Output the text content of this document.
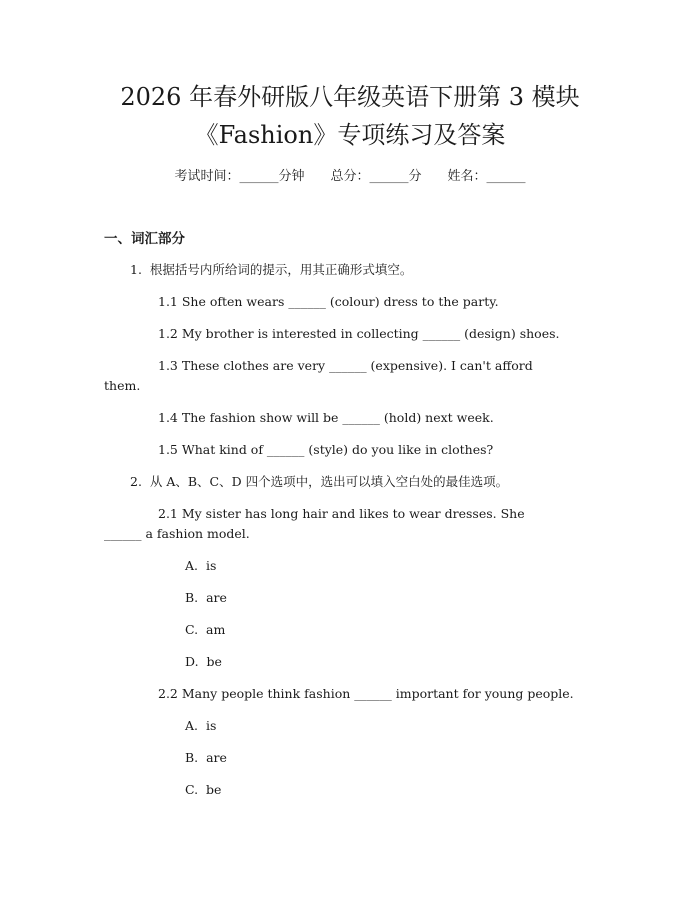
2026 年春外研版八年级英语下册第 3 模块
《Fashion》专项练习及答案
考试时间：______分钟 总分：______分 姓名：______
一、词汇部分
1.  根据括号内所给词的提示，用其正确形式填空。
1.1 She often wears ______ (colour) dress to the party.
1.2 My brother is interested in collecting ______ (design) shoes.
1.3 These clothes are very ______ (expensive). I can't afford
them.
1.4 The fashion show will be ______ (hold) next week.
1.5 What kind of ______ (style) do you like in clothes?
2.  从 A、B、C、D 四个选项中，选出可以填入空白处的最佳选项。
2.1 My sister has long hair and likes to wear dresses. She
______ a fashion model.
A.  is
B.  are
C.  am
D.  be
2.2 Many people think fashion ______ important for young people.
A.  is
B.  are
C.  be
